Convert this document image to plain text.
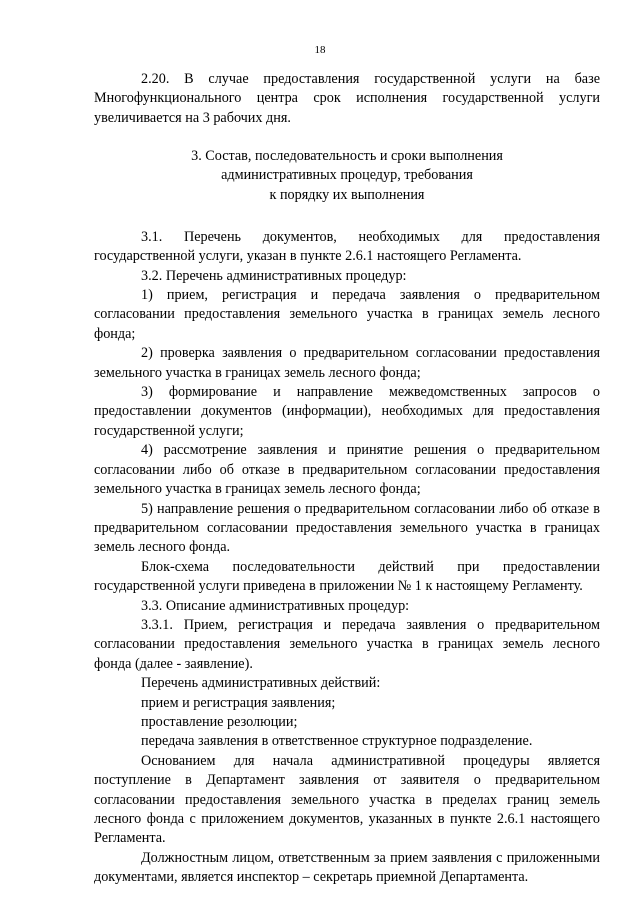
18

2.20. В случае предоставления государственной услуги на базе Многофункционального центра срок исполнения государственной услуги увеличивается на 3 рабочих дня.

3. Состав, последовательность и сроки выполнения
административных процедур, требования
к порядку их выполнения

3.1. Перечень документов, необходимых для предоставления государственной услуги, указан в пункте 2.6.1 настоящего Регламента.

3.2. Перечень административных процедур:

1) прием, регистрация и передача заявления о предварительном согласовании предоставления земельного участка в границах земель лесного фонда;

2) проверка заявления о предварительном согласовании предоставления земельного участка в границах земель лесного фонда;

3) формирование и направление межведомственных запросов о предоставлении документов (информации), необходимых для предоставления государственной услуги;

4) рассмотрение заявления и принятие решения о предварительном согласовании либо об отказе в предварительном согласовании предоставления земельного участка в границах земель лесного фонда;

5) направление решения о предварительном согласовании либо об отказе в предварительном согласовании предоставления земельного участка в границах земель лесного фонда.

Блок-схема последовательности действий при предоставлении государственной услуги приведена в приложении № 1 к настоящему Регламенту.

3.3. Описание административных процедур:

3.3.1. Прием, регистрация и передача заявления о предварительном согласовании предоставления земельного участка в границах земель лесного фонда (далее - заявление).

Перечень административных действий:

прием и регистрация заявления;

проставление резолюции;

передача заявления в ответственное структурное подразделение.

Основанием для начала административной процедуры является поступление в Департамент заявления от заявителя о предварительном согласовании предоставления земельного участка в пределах границ земель лесного фонда с приложением документов, указанных в пункте 2.6.1 настоящего Регламента.

Должностным лицом, ответственным за прием заявления с приложенными документами, является инспектор – секретарь приемной Департамента.
